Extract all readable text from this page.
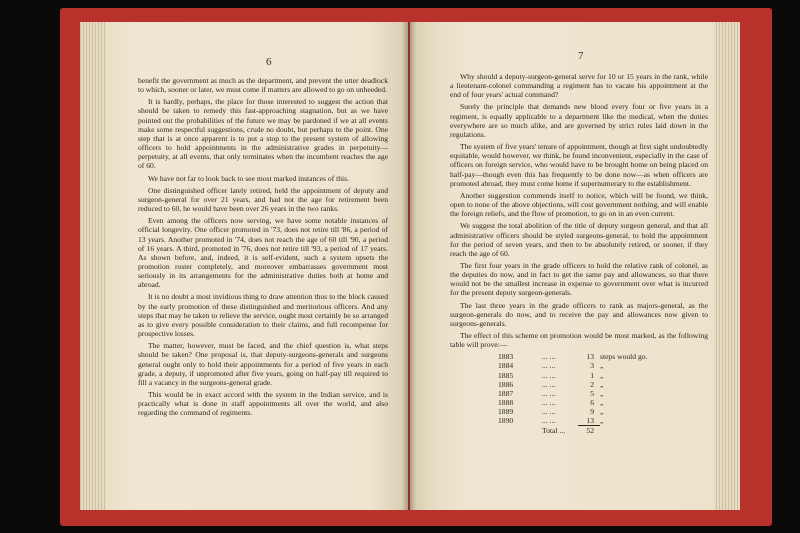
6	7

benefit the government as much as the department, and prevent the utter deadlock to which, sooner or later, we must come if matters are allowed to go on unheeded.

It is hardly, perhaps, the place for those interested to suggest the action that should be taken to remedy this fast-approaching stagnation, but as we have pointed out the probabilities of the future we may be pardoned if we at all events make some respectful suggestions, crude no doubt, but perhaps to the point. One step that is at once apparent is to put a stop to the present system of allowing officers to hold appointments in the administrative grades in perpetuity—perpetuity, at all events, that only terminates when the incumbent reaches the age of 60.

We have not far to look back to see most marked instances of this.

One distinguished officer lately retired, held the appointment of deputy and surgeon-general for over 21 years, and had not the age for retirement been reduced to 60, he would have been over 26 years in the two ranks.

Even among the officers now serving, we have some notable instances of official longevity. One officer promoted in '73, does not retire till '86, a period of 13 years. Another promoted in '74, does not reach the age of 60 till '90, a period of 16 years. A third, promoted in '76, does not retire till '93, a period of 17 years. As shown before, and, indeed, it is self-evident, such a system upsets the promotion roster completely, and moreover embarrasses government most seriously in its arrangements for the administrative duties both at home and abroad.

It is no doubt a most invidious thing to draw attention thus to the block caused by the early promotion of these distinguished and meritorious officers. And any steps that may be taken to relieve the service, ought most certainly be so arranged as to give every possible consideration to their claims, and full recompense for prospective losses.

The matter, however, must be faced, and the chief question is, what steps should be taken? One proposal is, that deputy-surgeons-generals and surgeons general ought only to hold their appointments for a period of five years in each grade, a deputy, if unpromoted after five years, going on half-pay till required to fill a vacancy in the surgeons-general grade.

This would be in exact accord with the system in the Indian service, and is practically what is done in staff appointments all over the world, and also regarding the command of regiments.

Why should a deputy-surgeon-general serve for 10 or 15 years in the rank, while a lieutenant-colonel commanding a regiment has to vacate his appointment at the end of four years' actual command?

Surely the principle that demands new blood every four or five years in a regiment, is equally applicable to a department like the medical, when the duties everywhere are so much alike, and are governed by strict rules laid down in the regulations.

The system of five years' tenure of appointment, though at first sight undoubtedly equitable, would however, we think, be found inconvenient, especially in the case of officers on foreign service, who would have to be brought home on being placed on half-pay—though even this has frequently to be done now—as when officers are promoted abroad, they must come home if supernumerary to the establishment.

Another suggestion commends itself to notice, which will be found, we think, open to none of the above objections, will cost government nothing, and will enable the foreign reliefs, and the flow of promotion, to go on in an even current.

We suggest the total abolition of the title of deputy surgeon general, and that all administrative officers should be styled surgeons-general, to hold the appointment for the period of seven years, and then to be absolutely retired, or sooner, if they reach the age of 60.

The first four years in the grade officers to hold the relative rank of colonel, as the deputies do now, and in fact to get the same pay and allowances, so that there would not be the smallest increase in expense to government over what is incurred for the present deputy surgeon-generals.

The last three years in the grade officers to rank as majors-general, as the surgeon-generals do now, and to receive the pay and allowances now given to surgeons-generals.

The effect of this scheme on promotion would be most marked, as the following table will prove:—

1883	... ...	13	steps would go.
1884	... ...	3	„
1885	... ...	1	„
1886	... ...	2	„
1887	... ...	5	„
1888	... ...	6	„
1889	... ...	9	„
1890	... ...	13	„
	Total ...	52	
